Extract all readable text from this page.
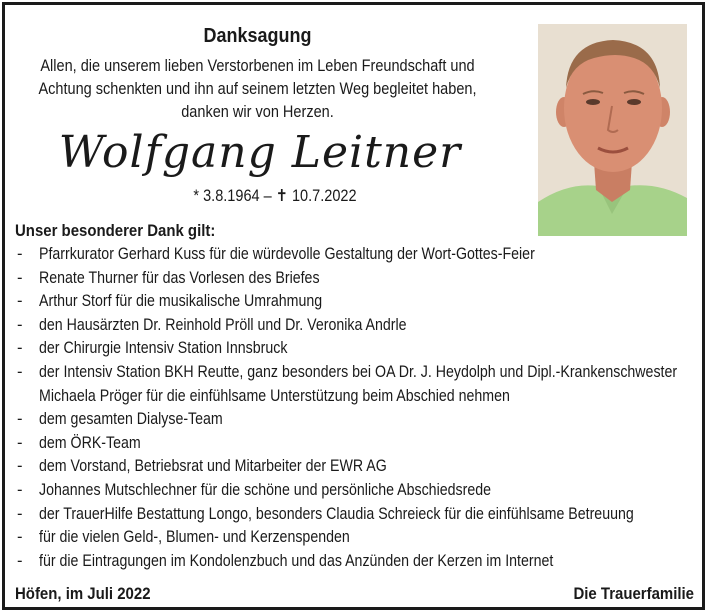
Danksagung
Allen, die unserem lieben Verstorbenen im Leben Freundschaft und
Achtung schenkten und ihn auf seinem letzten Weg begleitet haben,
danken wir von Herzen.
Wolfgang Leitner
* 3.8.1964 – ✝ 10.7.2022
Unser besonderer Dank gilt:
- Pfarrkurator Gerhard Kuss für die würdevolle Gestaltung der Wort-Gottes-Feier
- Renate Thurner für das Vorlesen des Briefes
- Arthur Storf für die musikalische Umrahmung
- den Hausärzten Dr. Reinhold Pröll und Dr. Veronika Andrle
- der Chirurgie Intensiv Station Innsbruck
- der Intensiv Station BKH Reutte, ganz besonders bei OA Dr. J. Heydolph und Dipl.-Krankenschwester Michaela Pröger für die einfühlsame Unterstützung beim Abschied nehmen
- dem gesamten Dialyse-Team
- dem ÖRK-Team
- dem Vorstand, Betriebsrat und Mitarbeiter der EWR AG
- Johannes Mutschlechner für die schöne und persönliche Abschiedsrede
- der TrauerHilfe Bestattung Longo, besonders Claudia Schreieck für die einfühlsame Betreuung
- für die vielen Geld-, Blumen- und Kerzenspenden
- für die Eintragungen im Kondolenzbuch und das Anzünden der Kerzen im Internet
Höfen, im Juli 2022	Die Trauerfamilie
